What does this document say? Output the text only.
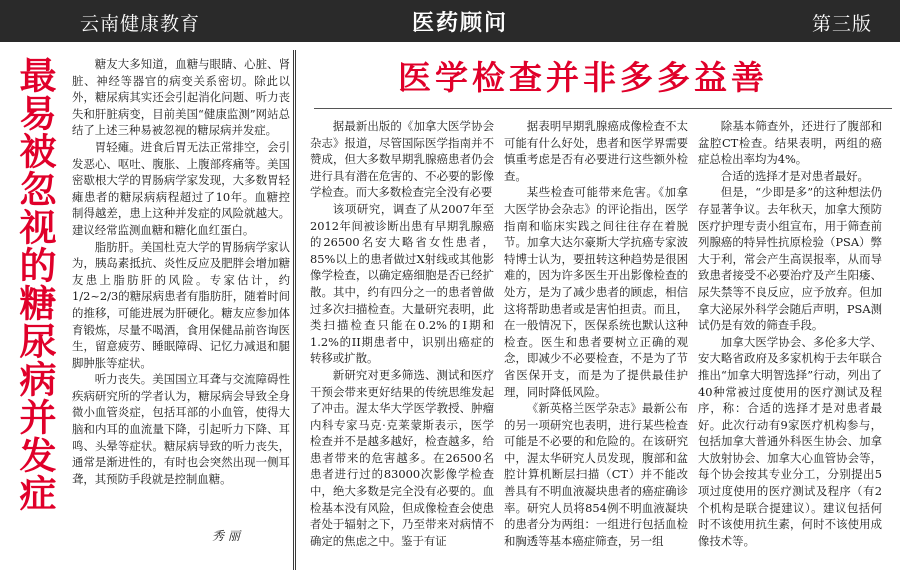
云南健康教育	医药顾问	第三版
最易被忽视的糖尿病并发症	糖友大多知道，血糖与眼睛、心脏、肾脏、神经等器官的病变关系密切。除此以外，糖尿病其实还会引起消化问题、听力丧失和肝脏病变，目前美国“健康监测”网站总结了上述三种易被忽视的糖尿病并发症。

胃轻瘫。进食后胃无法正常排空，会引发恶心、呕吐、腹胀、上腹部疼痛等。美国密歇根大学的胃肠病学家发现，大多数胃轻瘫患者的糖尿病病程超过了10年。血糖控制得越差，患上这种并发症的风险就越大。建议经常监测血糖和糖化血红蛋白。

脂肪肝。美国杜克大学的胃肠病学家认为，胰岛素抵抗、炎性反应及肥胖会增加糖友患上脂肪肝的风险。专家估计，约1/2~2/3的糖尿病患者有脂肪肝，随着时间的推移，可能进展为肝硬化。糖友应参加体育锻炼，尽量不喝酒，食用保健品前咨询医生，留意疲劳、睡眠障碍、记忆力减退和腿脚肿胀等症状。

听力丧失。美国国立耳聋与交流障碍性疾病研究所的学者认为，糖尿病会导致全身微小血管炎症，包括耳部的小血管，使得大脑和内耳的血流量下降，引起听力下降、耳鸣、头晕等症状。糖尿病导致的听力丧失，通常是渐进性的，有时也会突然出现一侧耳聋，其预防手段就是控制血糖。

秀丽
医学检查并非多多益善

据最新出版的《加拿大医学协会杂志》报道，尽管国际医学指南并不赞成，但大多数早期乳腺癌患者仍会进行具有潜在危害的、不必要的影像学检查。而大多数检查完全没有必要

该项研究，调查了从2007年至2012年间被诊断出患有早期乳腺癌的26500名安大略省女性患者，85%以上的患者做过X射线或其他影像学检查，以确定癌细胞是否已经扩散。其中，约有四分之一的患者曾做过多次扫描检查。大量研究表明，此类扫描检查只能在0.2%的I期和1.2%的II期患者中，识别出癌症的转移或扩散。

新研究对更多筛选、测试和医疗干预会带来更好结果的传统思维发起了冲击。渥太华大学医学教授、肿瘤内科专家马克·克莱蒙斯表示，医学检查并不是越多越好，检查越多，给患者带来的危害越多。在26500名患者进行过的83000次影像学检查中，绝大多数是完全没有必要的。血检基本没有风险，但成像检查会使患者处于辐射之下，乃至带来对病情不确定的焦虑之中。鉴于有证

据表明早期乳腺癌成像检查不太可能有什么好处，患者和医学界需要慎重考虑是否有必要进行这些额外检查。

某些检查可能带来危害。《加拿大医学协会杂志》的评论指出，医学指南和临床实践之间往往存在着脱节。加拿大达尔豪斯大学抗癌专家波特博士认为，要扭转这种趋势是很困难的，因为许多医生开出影像检查的处方，是为了减少患者的顾虑，相信这将帮助患者或是害怕担责。而且，在一般情况下，医保系统也默认这种检查。医生和患者要树立正确的观念，即减少不必要检查，不是为了节省医保开支，而是为了提供最佳护理，同时降低风险。

《新英格兰医学杂志》最新公布的另一项研究也表明，进行某些检查可能是不必要的和危险的。在该研究中，渥太华研究人员发现，腹部和盆腔计算机断层扫描（CT）并不能改善具有不明血液凝块患者的癌症确诊率。研究人员将854例不明血液凝块的患者分为两组：一组进行包括血检和胸透等基本癌症筛查，另一组

除基本筛查外，还进行了腹部和盆腔CT检查。结果表明，两组的癌症总检出率均为4%。

合适的选择才是对患者最好。

但是，“少即是多”的这种想法仍存显著争议。去年秋天，加拿大预防医疗护理专责小组宣布，用于筛查前列腺癌的特异性抗原检验（PSA）弊大于利，常会产生高误报率，从而导致患者接受不必要治疗及产生阳痿、尿失禁等不良反应，应予放弃。但加拿大泌尿外科学会随后声明，PSA测试仍是有效的筛查手段。

加拿大医学协会、多伦多大学、安大略省政府及多家机构于去年联合推出“加拿大明智选择”行动，列出了40种常被过度使用的医疗测试及程序，称：合适的选择才是对患者最好。此次行动有9家医疗机构参与，包括加拿大普通外科医生协会、加拿大放射协会、加拿大心血管协会等，每个协会按其专业分工，分别提出5项过度使用的医疗测试及程序（有2个机构是联合提建议）。建议包括何时不该使用抗生素，何时不该使用成像技术等。
